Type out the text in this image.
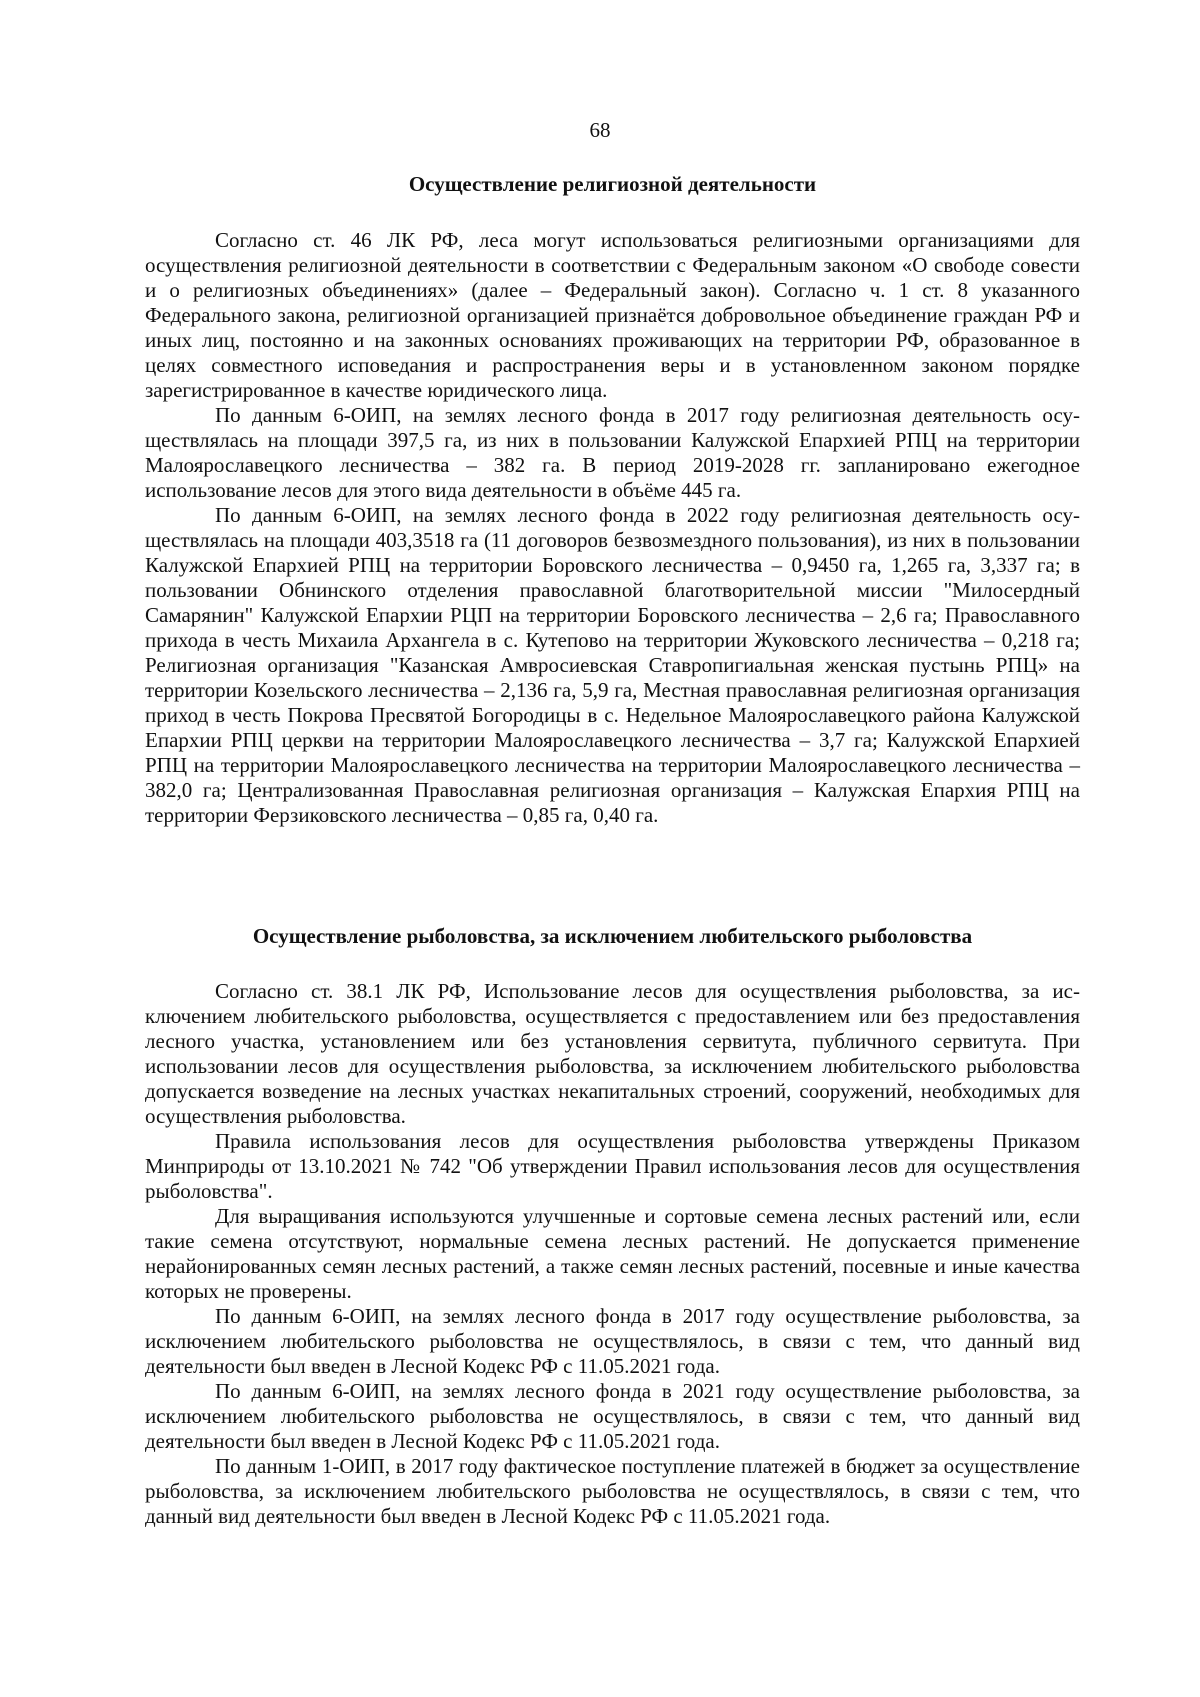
68

Осуществление религиозной деятельности

Согласно ст. 46 ЛК РФ, леса могут использоваться религиозными организациями для осуществления религиозной деятельности в соответствии с Федеральным законом «О свободе совести и о религиозных объединениях» (далее – Федеральный закон). Согласно ч. 1 ст. 8 указанного Федерального закона, религиозной организацией признаётся добровольное объединение граждан РФ и иных лиц, постоянно и на законных основаниях проживающих на территории РФ, образованное в целях совместного исповедания и распространения веры и в установленном законом порядке зарегистрированное в качестве юридического лица.

По данным 6-ОИП, на землях лесного фонда в 2017 году религиозная деятельность осуществлялась на площади 397,5 га, из них в пользовании Калужской Епархией РПЦ на территории Малоярославецкого лесничества – 382 га. В период 2019-2028 гг. запланировано ежегодное использование лесов для этого вида деятельности в объёме 445 га.

По данным 6-ОИП, на землях лесного фонда в 2022 году религиозная деятельность осуществлялась на площади 403,3518 га (11 договоров безвозмездного пользования), из них в пользовании Калужской Епархией РПЦ на территории Боровского лесничества – 0,9450 га, 1,265 га, 3,337 га; в пользовании Обнинского отделения православной благотворительной миссии "Милосердный Самарянин" Калужской Епархии РЦП на территории Боровского лесничества – 2,6 га; Православного прихода в честь Михаила Архангела в с. Кутепово на территории Жуковского лесничества – 0,218 га; Религиозная организация "Казанская Амвросиевская Ставропигиальная женская пустынь РПЦ» на территории Козельского лесничества – 2,136 га, 5,9 га, Местная православная религиозная организация приход в честь Покрова Пресвятой Богородицы в с. Недельное Малоярославецкого района Калужской Епархии РПЦ церкви на территории Малоярославецкого лесничества – 3,7 га; Калужской Епархией РПЦ на территории Малоярославецкого лесничества на территории Малоярославецкого лесничества – 382,0 га; Централизованная Православная религиозная организация – Калужская Епархия РПЦ на территории Ферзиковского лесничества – 0,85 га, 0,40 га.

Осуществление рыболовства, за исключением любительского рыболовства

Согласно ст. 38.1 ЛК РФ, Использование лесов для осуществления рыболовства, за исключением любительского рыболовства, осуществляется с предоставлением или без предоставления лесного участка, установлением или без установления сервитута, публичного сервитута. При использовании лесов для осуществления рыболовства, за исключением любительского рыболовства допускается возведение на лесных участках некапитальных строений, сооружений, необходимых для осуществления рыболовства.

Правила использования лесов для осуществления рыболовства утверждены Приказом Минприроды от 13.10.2021 № 742 "Об утверждении Правил использования лесов для осуществления рыболовства".

Для выращивания используются улучшенные и сортовые семена лесных растений или, если такие семена отсутствуют, нормальные семена лесных растений. Не допускается применение нерайонированных семян лесных растений, а также семян лесных растений, посевные и иные качества которых не проверены.

По данным 6-ОИП, на землях лесного фонда в 2017 году осуществление рыболовства, за исключением любительского рыболовства не осуществлялось, в связи с тем, что данный вид деятельности был введен в Лесной Кодекс РФ с 11.05.2021 года.

По данным 6-ОИП, на землях лесного фонда в 2021 году осуществление рыболовства, за исключением любительского рыболовства не осуществлялось, в связи с тем, что данный вид деятельности был введен в Лесной Кодекс РФ с 11.05.2021 года.

По данным 1-ОИП, в 2017 году фактическое поступление платежей в бюджет за осуществление рыболовства, за исключением любительского рыболовства не осуществлялось, в связи с тем, что данный вид деятельности был введен в Лесной Кодекс РФ с 11.05.2021 года.
